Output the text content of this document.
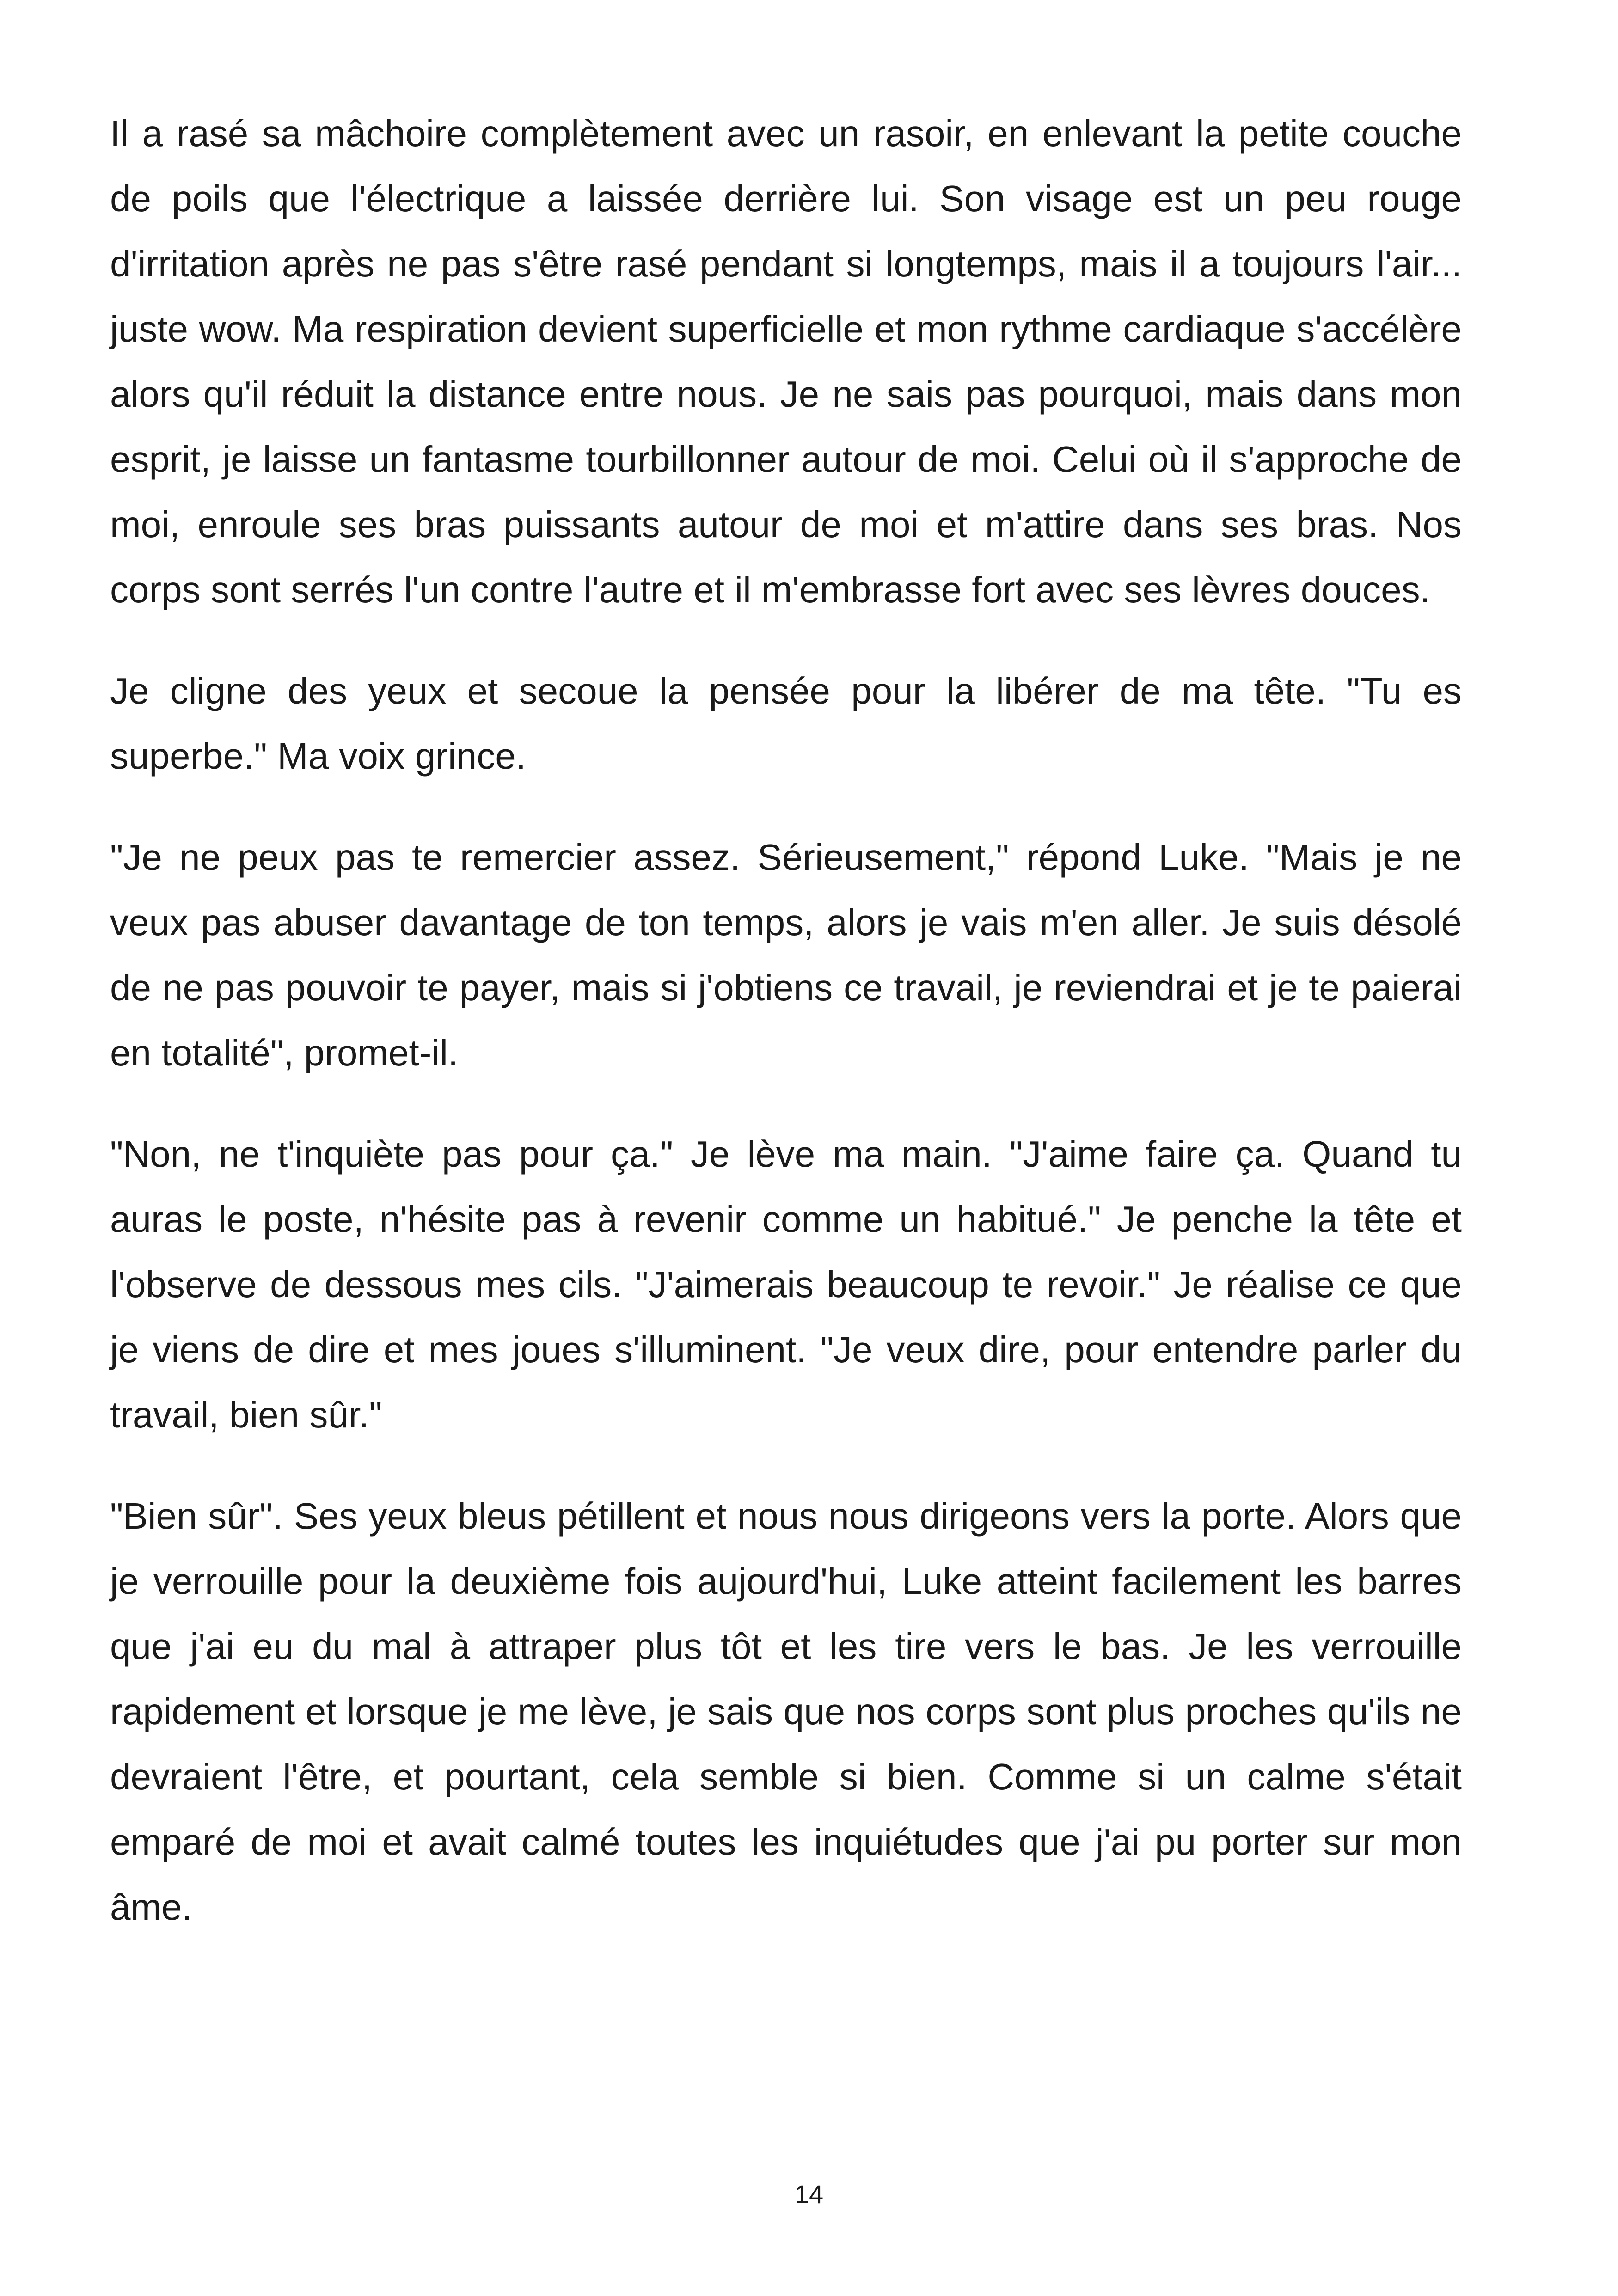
Il a rasé sa mâchoire complètement avec un rasoir, en enlevant la petite couche de poils que l'électrique a laissée derrière lui. Son visage est un peu rouge d'irritation après ne pas s'être rasé pendant si longtemps, mais il a toujours l'air... juste wow. Ma respiration devient superficielle et mon rythme cardiaque s'accélère alors qu'il réduit la distance entre nous. Je ne sais pas pourquoi, mais dans mon esprit, je laisse un fantasme tourbillonner autour de moi. Celui où il s'approche de moi, enroule ses bras puissants autour de moi et m'attire dans ses bras. Nos corps sont serrés l'un contre l'autre et il m'embrasse fort avec ses lèvres douces.

Je cligne des yeux et secoue la pensée pour la libérer de ma tête. "Tu es superbe." Ma voix grince.

"Je ne peux pas te remercier assez. Sérieusement," répond Luke. "Mais je ne veux pas abuser davantage de ton temps, alors je vais m'en aller. Je suis désolé de ne pas pouvoir te payer, mais si j'obtiens ce travail, je reviendrai et je te paierai en totalité", promet-il.

"Non, ne t'inquiète pas pour ça." Je lève ma main. "J'aime faire ça. Quand tu auras le poste, n'hésite pas à revenir comme un habitué." Je penche la tête et l'observe de dessous mes cils. "J'aimerais beaucoup te revoir." Je réalise ce que je viens de dire et mes joues s'illuminent. "Je veux dire, pour entendre parler du travail, bien sûr."

"Bien sûr". Ses yeux bleus pétillent et nous nous dirigeons vers la porte. Alors que je verrouille pour la deuxième fois aujourd'hui, Luke atteint facilement les barres que j'ai eu du mal à attraper plus tôt et les tire vers le bas. Je les verrouille rapidement et lorsque je me lève, je sais que nos corps sont plus proches qu'ils ne devraient l'être, et pourtant, cela semble si bien. Comme si un calme s'était emparé de moi et avait calmé toutes les inquiétudes que j'ai pu porter sur mon âme.

14
